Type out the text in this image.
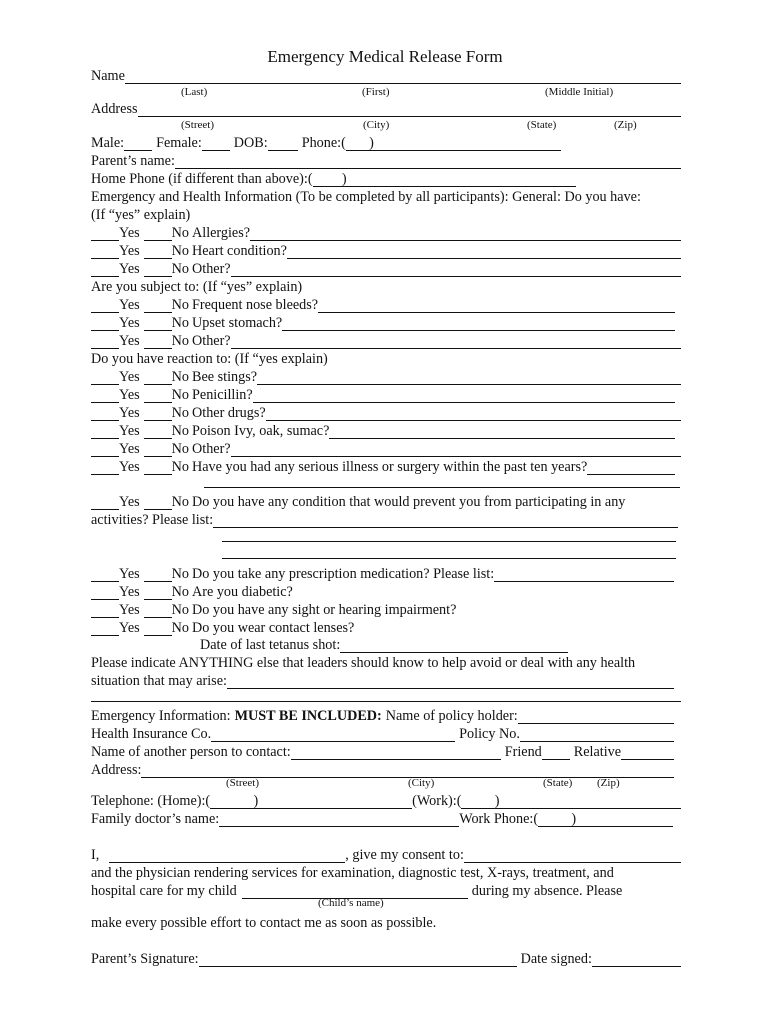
Emergency Medical Release Form
Name
(Last)	(First)	(Middle Initial)
Address
(Street)	(City)	(State)	(Zip)
Male: Female: DOB: Phone:(	)
Parent’s name:
Home Phone (if different than above):(	)
Emergency and Health Information (To be completed by all participants): General: Do you have:
(If “yes” explain)
Yes No Allergies?
Yes No Heart condition?
Yes No Other?
Are you subject to: (If “yes” explain)
Yes No Frequent nose bleeds?
Yes No Upset stomach?
Yes No Other?
Do you have reaction to: (If “yes explain)
Yes No Bee stings?
Yes No Penicillin?
Yes No Other drugs?
Yes No Poison Ivy, oak, sumac?
Yes No Other?
Yes No Have you had any serious illness or surgery within the past ten years?
Yes No Do you have any condition that would prevent you from participating in any
activities? Please list:
Yes No Do you take any prescription medication? Please list:
Yes No Are you diabetic?
Yes No Do you have any sight or hearing impairment?
Yes No Do you wear contact lenses?
Date of last tetanus shot:
Please indicate ANYTHING else that leaders should know to help avoid or deal with any health
situation that may arise:
Emergency Information: MUST BE INCLUDED: Name of policy holder:
Health Insurance Co.	Policy No.
Name of another person to contact:	Friend Relative
Address:
(Street)	(City)	(State) (Zip)
Telephone: (Home):(	)	(Work):(	)
Family doctor’s name:	Work Phone:(	)
I,	, give my consent to:
and the physician rendering services for examination, diagnostic test, X-rays, treatment, and
hospital care for my child	during my absence. Please
(Child’s name)
make every possible effort to contact me as soon as possible.
Parent’s Signature:	Date signed:
